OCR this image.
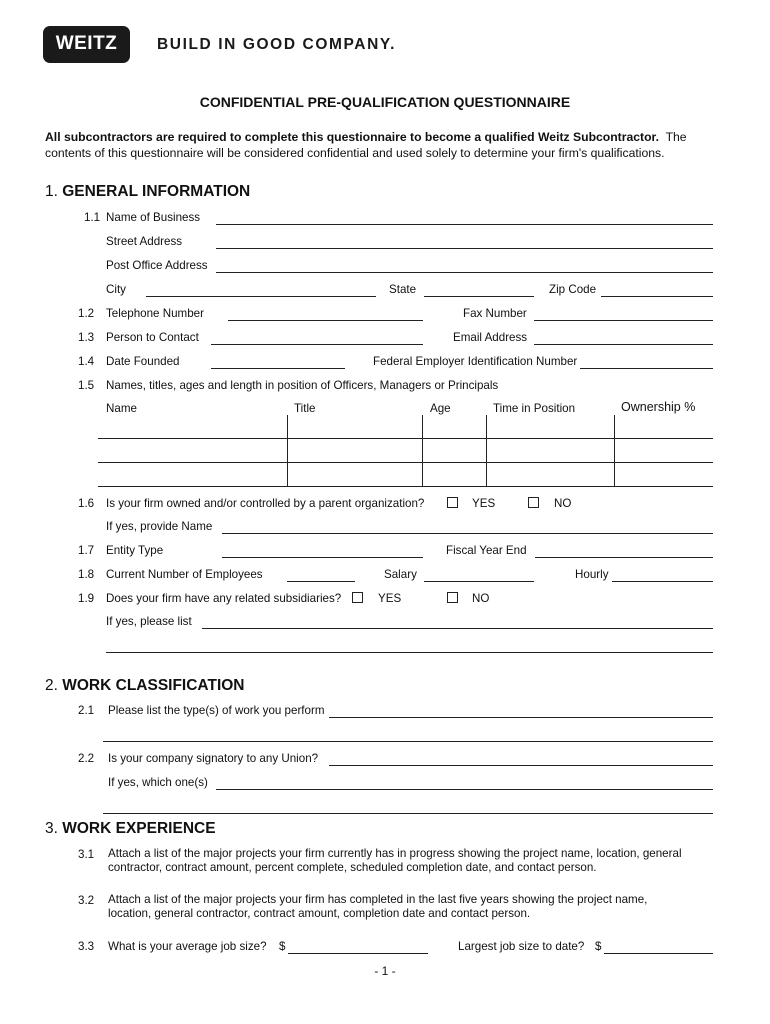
WEITZ	BUILD IN GOOD COMPANY.
CONFIDENTIAL PRE-QUALIFICATION QUESTIONNAIRE
All subcontractors are required to complete this questionnaire to become a qualified Weitz Subcontractor. The contents of this questionnaire will be considered confidential and used solely to determine your firm's qualifications.
1. GENERAL INFORMATION
1.1 Name of Business
Street Address
Post Office Address
City	State	Zip Code
1.2 Telephone Number	Fax Number
1.3 Person to Contact	Email Address
1.4 Date Founded	Federal Employer Identification Number
1.5 Names, titles, ages and length in position of Officers, Managers or Principals
Name	Title	Age	Time in Position	Ownership %
1.6 Is your firm owned and/or controlled by a parent organization?	YES	NO
If yes, provide Name
1.7 Entity Type	Fiscal Year End
1.8 Current Number of Employees	Salary	Hourly
1.9 Does your firm have any related subsidiaries?	YES	NO
If yes, please list
2. WORK CLASSIFICATION
2.1 Please list the type(s) of work you perform
2.2 Is your company signatory to any Union?
If yes, which one(s)
3. WORK EXPERIENCE
3.1 Attach a list of the major projects your firm currently has in progress showing the project name, location, general contractor, contract amount, percent complete, scheduled completion date, and contact person.
3.2 Attach a list of the major projects your firm has completed in the last five years showing the project name, location, general contractor, contract amount, completion date and contact person.
3.3 What is your average job size? $	Largest job size to date? $
- 1 -
